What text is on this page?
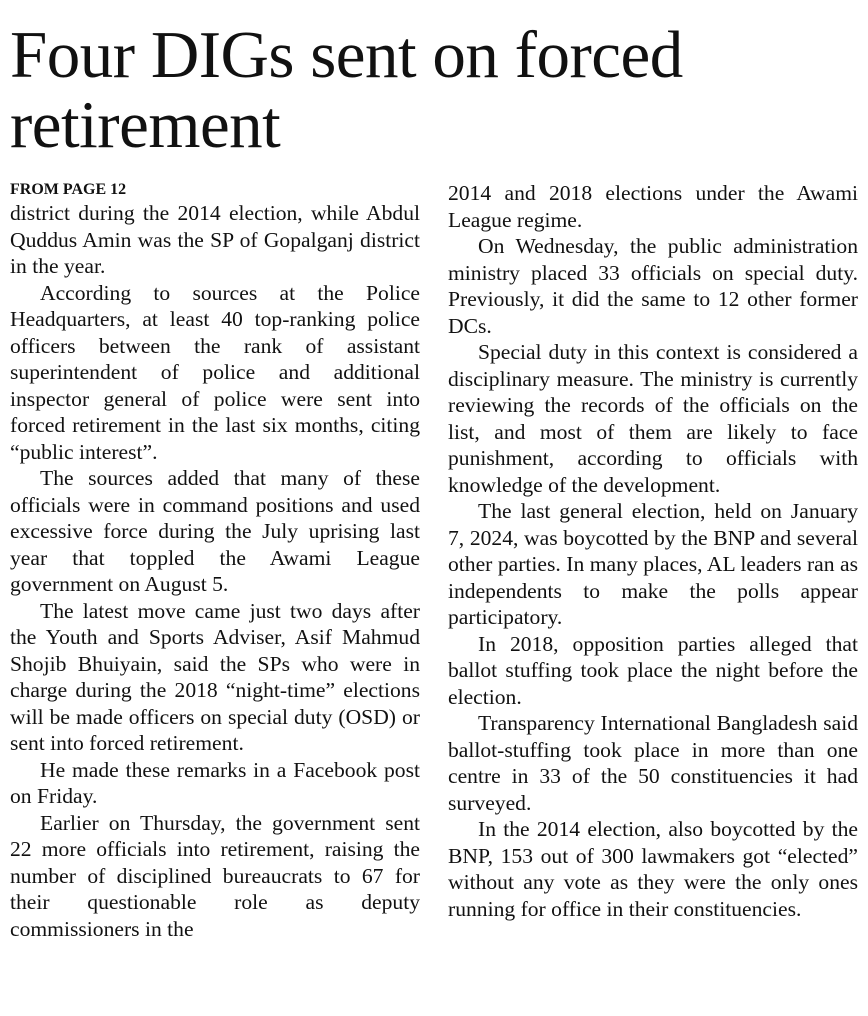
Four DIGs sent on forced retirement
FROM PAGE 12

district during the 2014 election, while Abdul Quddus Amin was the SP of Gopalganj district in the year.

According to sources at the Police Headquarters, at least 40 top-ranking police officers between the rank of assistant superintendent of police and additional inspector general of police were sent into forced retirement in the last six months, citing “public interest”.

The sources added that many of these officials were in command positions and used excessive force during the July uprising last year that toppled the Awami League government on August 5.

The latest move came just two days after the Youth and Sports Adviser, Asif Mahmud Shojib Bhuiyain, said the SPs who were in charge during the 2018 “night-time” elections will be made officers on special duty (OSD) or sent into forced retirement.

He made these remarks in a Facebook post on Friday.

Earlier on Thursday, the government sent 22 more officials into retirement, raising the number of disciplined bureaucrats to 67 for their questionable role as deputy commissioners in the

2014 and 2018 elections under the Awami League regime.

On Wednesday, the public administration ministry placed 33 officials on special duty. Previously, it did the same to 12 other former DCs.

Special duty in this context is considered a disciplinary measure. The ministry is currently reviewing the records of the officials on the list, and most of them are likely to face punishment, according to officials with knowledge of the development.

The last general election, held on January 7, 2024, was boycotted by the BNP and several other parties. In many places, AL leaders ran as independents to make the polls appear participatory.

In 2018, opposition parties alleged that ballot stuffing took place the night before the election.

Transparency International Bangladesh said ballot-stuffing took place in more than one centre in 33 of the 50 constituencies it had surveyed.

In the 2014 election, also boycotted by the BNP, 153 out of 300 lawmakers got “elected” without any vote as they were the only ones running for office in their constituencies.
